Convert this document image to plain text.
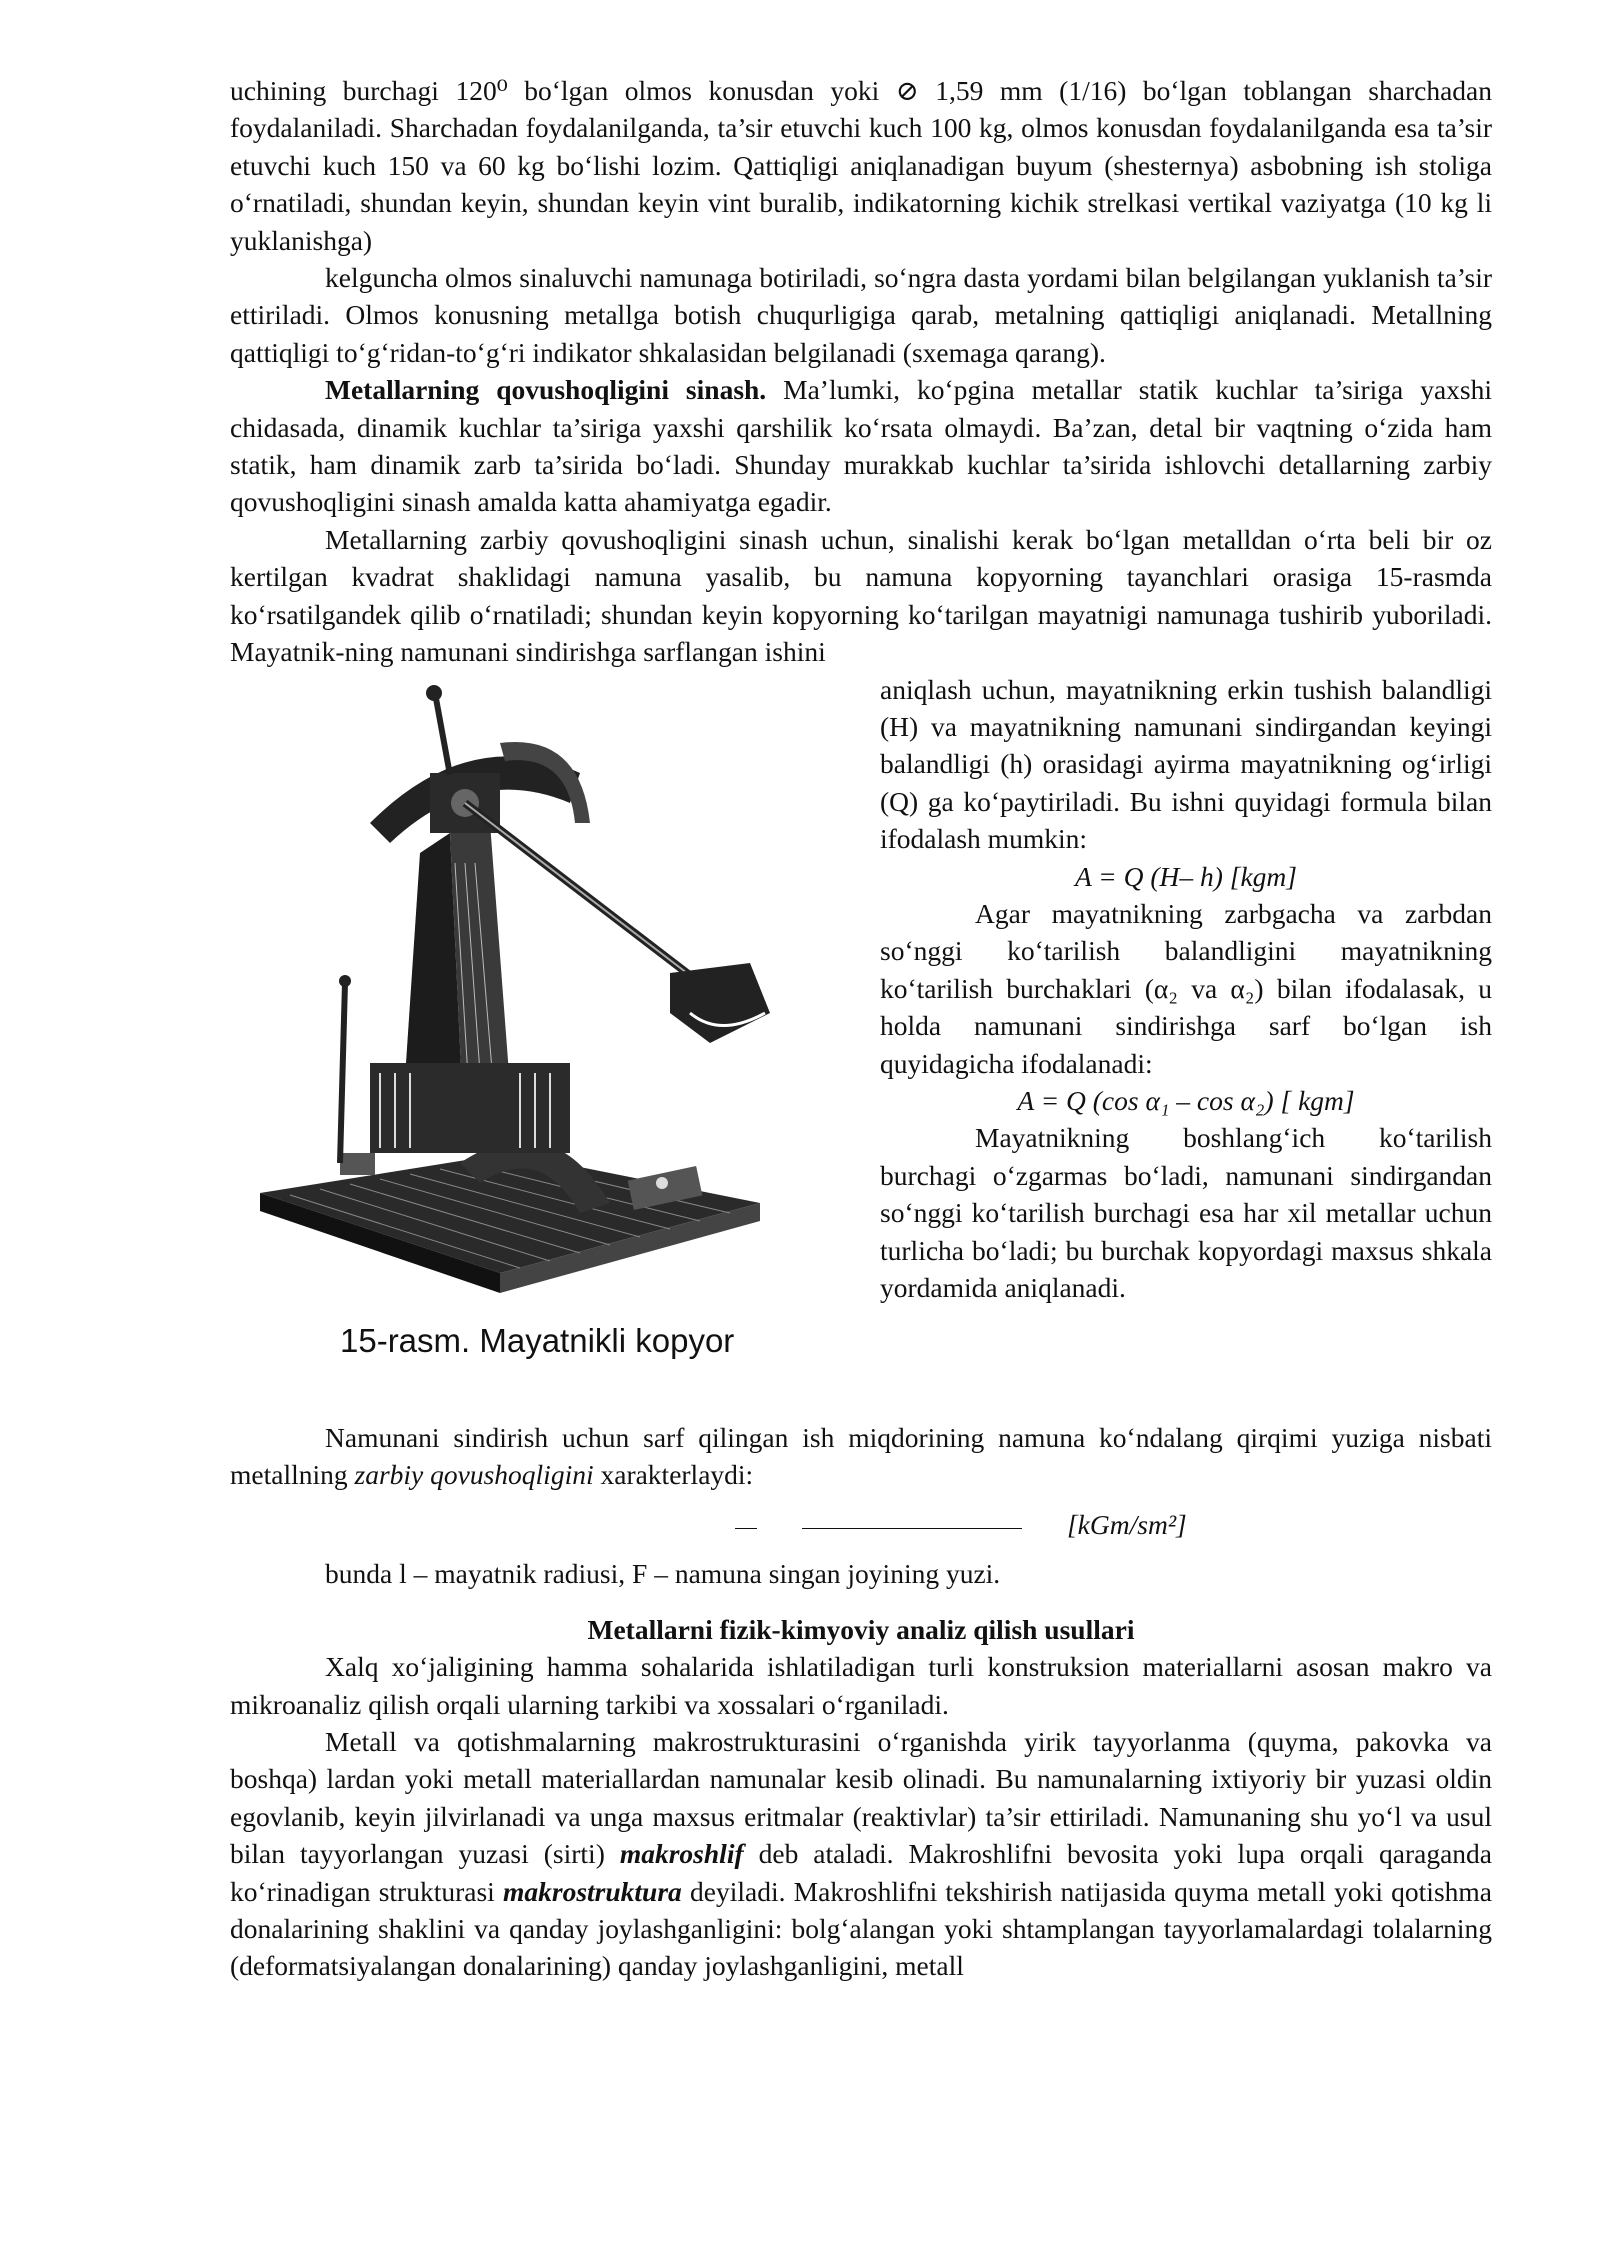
uchining burchagi 120⁰ bo‘lgan olmos konusdan yoki ⊘ 1,59 mm (1/16) bo‘lgan toblangan sharchadan foydalaniladi. Sharchadan foydalanilganda, ta’sir etuvchi kuch 100 kg, olmos konusdan foydalanilganda esa ta’sir etuvchi kuch 150 va 60 kg bo‘lishi lozim. Qattiqligi aniqlanadigan buyum (shesternya) asbobning ish stoliga o‘rnatiladi, shundan keyin, shundan keyin vint buralib, indikatorning kichik strelkasi vertikal vaziyatga (10 kg li yuklanishga)

kelguncha olmos sinaluvchi namunaga botiriladi, so‘ngra dasta yordami bilan belgilangan yuklanish ta’sir ettiriladi. Olmos konusning metallga botish chuqurligiga qarab, metalning qattiqligi aniqlanadi. Metallning qattiqligi to‘g‘ridan-to‘g‘ri indikator shkalasidan belgilanadi (sxemaga qarang).

Metallarning qovushoqligini sinash. Ma’lumki, ko‘pgina metallar statik kuchlar ta’siriga yaxshi chidasada, dinamik kuchlar ta’siriga yaxshi qarshilik ko‘rsata olmaydi. Ba’zan, detal bir vaqtning o‘zida ham statik, ham dinamik zarb ta’sirida bo‘ladi. Shunday murakkab kuchlar ta’sirida ishlovchi detallarning zarbiy qovushoqligini sinash amalda katta ahamiyatga egadir.

Metallarning zarbiy qovushoqligini sinash uchun, sinalishi kerak bo‘lgan metalldan o‘rta beli bir oz kertilgan kvadrat shaklidagi namuna yasalib, bu namuna kopyorning tayanchlari orasiga 15-rasmda ko‘rsatilgandek qilib o‘rnatiladi; shundan keyin kopyorning ko‘tarilgan mayatnigi namunaga tushirib yuboriladi. Mayatnik-ning namunani sindirishga sarflangan ishini

15-rasm. Mayatnikli kopyor

aniqlash uchun, mayatnikning erkin tushish balandligi (H) va mayatnikning namunani sindirgandan keyingi balandligi (h) orasidagi ayirma mayatnikning og‘irligi (Q) ga ko‘paytiriladi. Bu ishni quyidagi formula bilan ifodalash mumkin:

A = Q (H– h) [kgm]

Agar mayatnikning zarbgacha va zarbdan so‘nggi ko‘tarilish balandligini mayatnikning ko‘tarilish burchaklari (α₂ va α₂) bilan ifodalasak, u holda namunani sindirishga sarf bo‘lgan ish quyidagicha ifodalanadi:

A = Q (cos α₁ – cos α₂) [ kgm]

Mayatnikning boshlang‘ich ko‘tarilish burchagi o‘zgarmas bo‘ladi, namunani sindirgandan so‘nggi ko‘tarilish burchagi esa har xil metallar uchun turlicha bo‘ladi; bu burchak kopyordagi maxsus shkala yordamida aniqlanadi.

Namunani sindirish uchun sarf qilingan ish miqdorining namuna ko‘ndalang qirqimi yuziga nisbati metallning zarbiy qovushoqligini xarakterlaydi:

[kGm/sm²]

bunda l – mayatnik radiusi, F – namuna singan joyining yuzi.

Metallarni fizik-kimyoviy analiz qilish usullari

Xalq xo‘jaligining hamma sohalarida ishlatiladigan turli konstruksion materiallarni asosan makro va mikroanaliz qilish orqali ularning tarkibi va xossalari o‘rganiladi.

Metall va qotishmalarning makrostrukturasini o‘rganishda yirik tayyorlanma (quyma, pakovka va boshqa) lardan yoki metall materiallardan namunalar kesib olinadi. Bu namunalarning ixtiyoriy bir yuzasi oldin egovlanib, keyin jilvirlanadi va unga maxsus eritmalar (reaktivlar) ta’sir ettiriladi. Namunaning shu yo‘l va usul bilan tayyorlangan yuzasi (sirti) makroshlif deb ataladi. Makroshlifni bevosita yoki lupa orqali qaraganda ko‘rinadigan strukturasi makrostruktura deyiladi. Makroshlifni tekshirish natijasida quyma metall yoki qotishma donalarining shaklini va qanday joylashganligini: bolg‘alangan yoki shtamplangan tayyorlamalardagi tolalarning (deformatsiyalangan donalarining) qanday joylashganligini, metall
